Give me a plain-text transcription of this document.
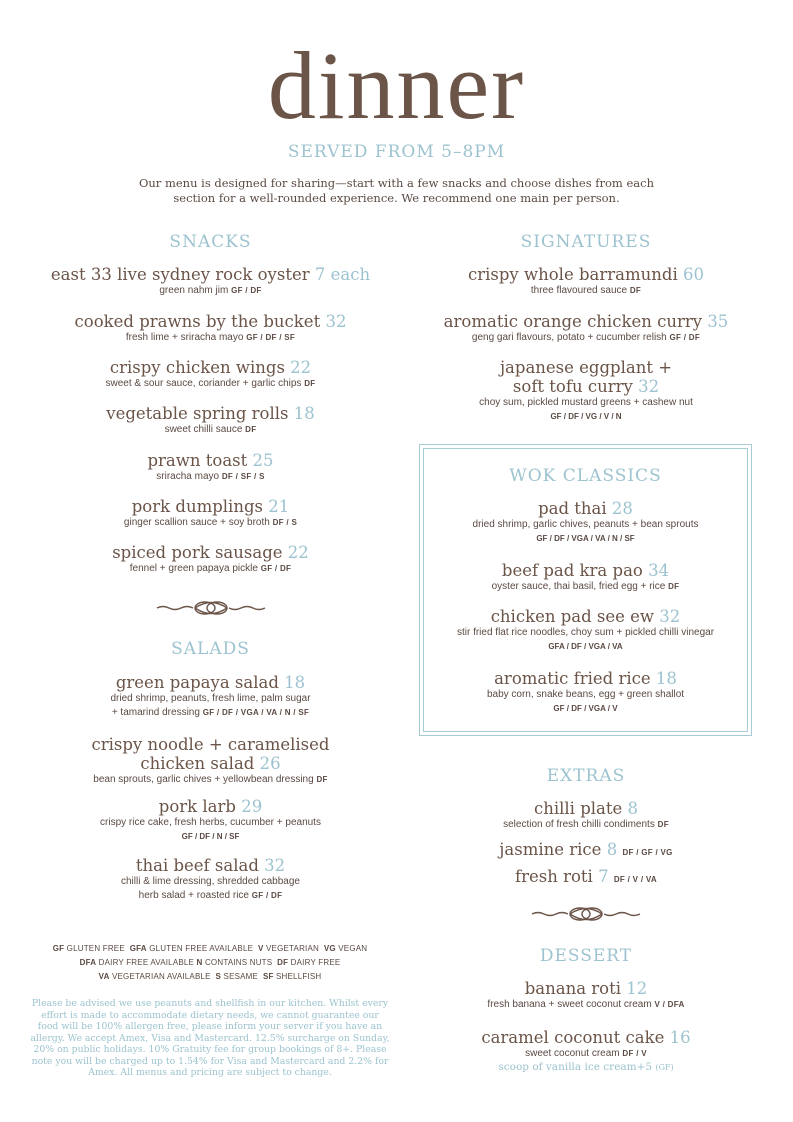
dinner
SERVED FROM 5–8PM
Our menu is designed for sharing—start with a few snacks and choose dishes from each section for a well-rounded experience. We recommend one main per person.
SNACKS
east 33 live sydney rock oyster 7 each
green nahm jim GF / DF
cooked prawns by the bucket 32
fresh lime + sriracha mayo GF / DF / SF
crispy chicken wings 22
sweet & sour sauce, coriander + garlic chips DF
vegetable spring rolls 18
sweet chilli sauce DF
prawn toast 25
sriracha mayo DF / SF / S
pork dumplings 21
ginger scallion sauce + soy broth DF / S
spiced pork sausage 22
fennel + green papaya pickle GF / DF
SALADS
green papaya salad 18
dried shrimp, peanuts, fresh lime, palm sugar
+ tamarind dressing GF / DF / VGA / VA / N / SF
crispy noodle + caramelised
chicken salad 26
bean sprouts, garlic chives + yellowbean dressing DF
pork larb 29
crispy rice cake, fresh herbs, cucumber + peanuts
GF / DF / N / SF
thai beef salad 32
chilli & lime dressing, shredded cabbage
herb salad + roasted rice GF / DF
GF GLUTEN FREE GFA GLUTEN FREE AVAILABLE V VEGETARIAN VG VEGAN
DFA DAIRY FREE AVAILABLE N CONTAINS NUTS DF DAIRY FREE
VA VEGETARIAN AVAILABLE S SESAME SF SHELLFISH
Please be advised we use peanuts and shellfish in our kitchen. Whilst every effort is made to accommodate dietary needs, we cannot guarantee our food will be 100% allergen free, please inform your server if you have an allergy. We accept Amex, Visa and Mastercard. 12.5% surcharge on Sunday, 20% on public holidays. 10% Gratuity fee for group bookings of 8+. Please note you will be charged up to 1.54% for Visa and Mastercard and 2.2% for Amex. All menus and pricing are subject to change.
SIGNATURES
crispy whole barramundi 60
three flavoured sauce DF
aromatic orange chicken curry 35
geng gari flavours, potato + cucumber relish GF / DF
japanese eggplant +
soft tofu curry 32
choy sum, pickled mustard greens + cashew nut
GF / DF / VG / V / N
WOK CLASSICS
pad thai 28
dried shrimp, garlic chives, peanuts + bean sprouts
GF / DF / VGA / VA / N / SF
beef pad kra pao 34
oyster sauce, thai basil, fried egg + rice DF
chicken pad see ew 32
stir fried flat rice noodles, choy sum + pickled chilli vinegar
GFA / DF / VGA / VA
aromatic fried rice 18
baby corn, snake beans, egg + green shallot
GF / DF / VGA / V
EXTRAS
chilli plate 8
selection of fresh chilli condiments DF
jasmine rice 8 DF / GF / VG
fresh roti 7 DF / V / VA
DESSERT
banana roti 12
fresh banana + sweet coconut cream V / DFA
caramel coconut cake 16
sweet coconut cream DF / V
scoop of vanilla ice cream+5 (GF)
